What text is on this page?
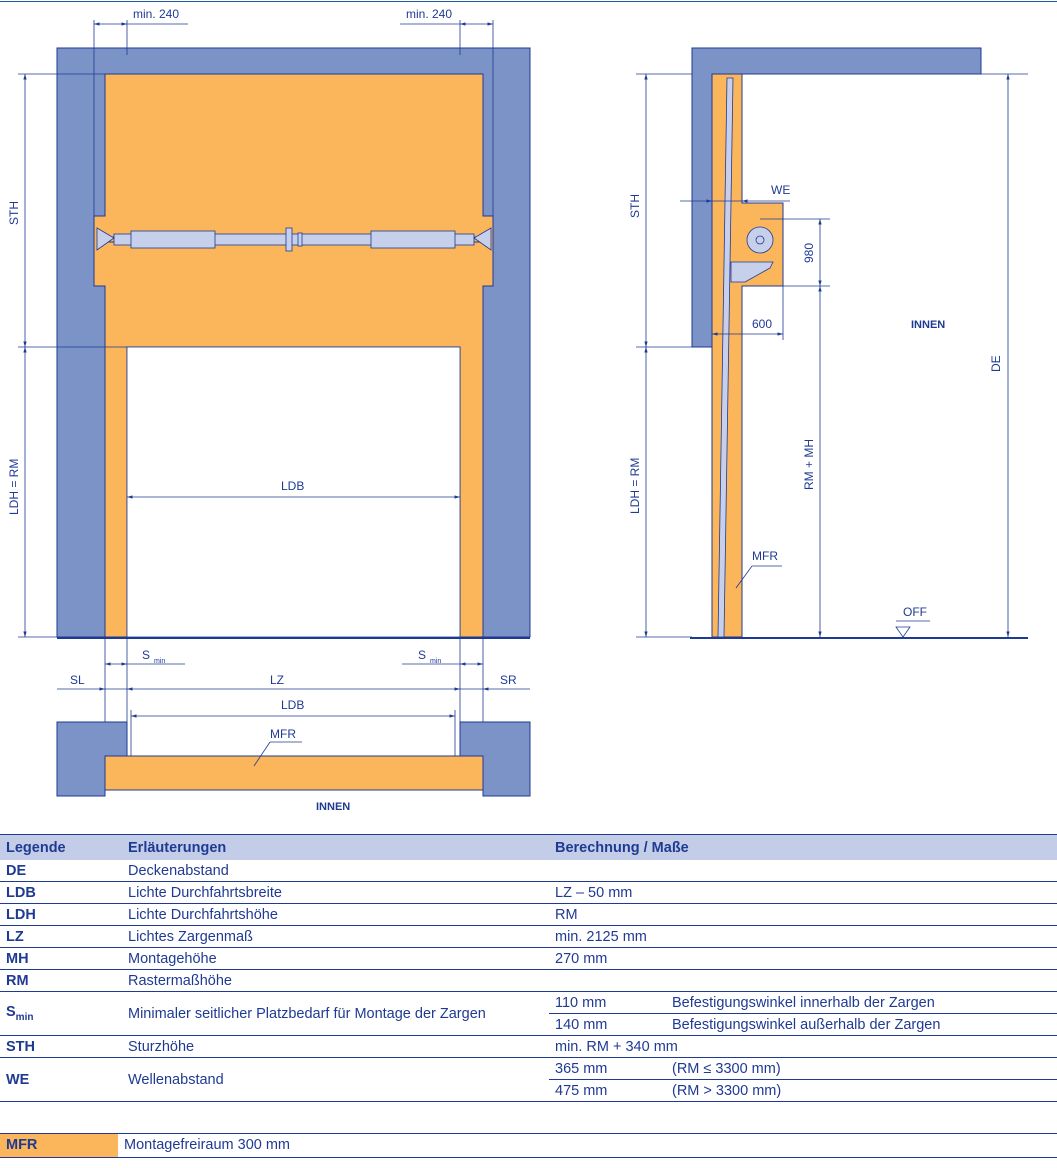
min. 240	min. 240
STH
LDH = RM	LDB
S $_{min}$	S $_{min}$
SL	LZ	SR
LDB
MFR
INNEN
WE
STH
980
600	INNEN
DE
RM + MH
LDH = RM
MFR
OFF
Legende	Erläuterungen	Berechnung / Maße	
DE	Deckenabstand		
LDB	Lichte Durchfahrtsbreite	LZ – 50 mm	
LDH	Lichte Durchfahrtshöhe	RM	
LZ	Lichtes Zargenmaß	min. 2125 mm	
MH	Montagehöhe	270 mm	
RM	Rastermaßhöhe		
$S_{min}$	Minimaler seitlicher Platzbedarf für Montage der Zargen	110 mm	Befestigungswinkel innerhalb der Zargen
		140 mm	Befestigungswinkel außerhalb der Zargen
STH	Sturzhöhe	min. RM + 340 mm	
WE	Wellenabstand	365 mm	(RM ≤ 3300 mm)
		475 mm	(RM > 3300 mm)
MFR	Montagefreiraum 300 mm
